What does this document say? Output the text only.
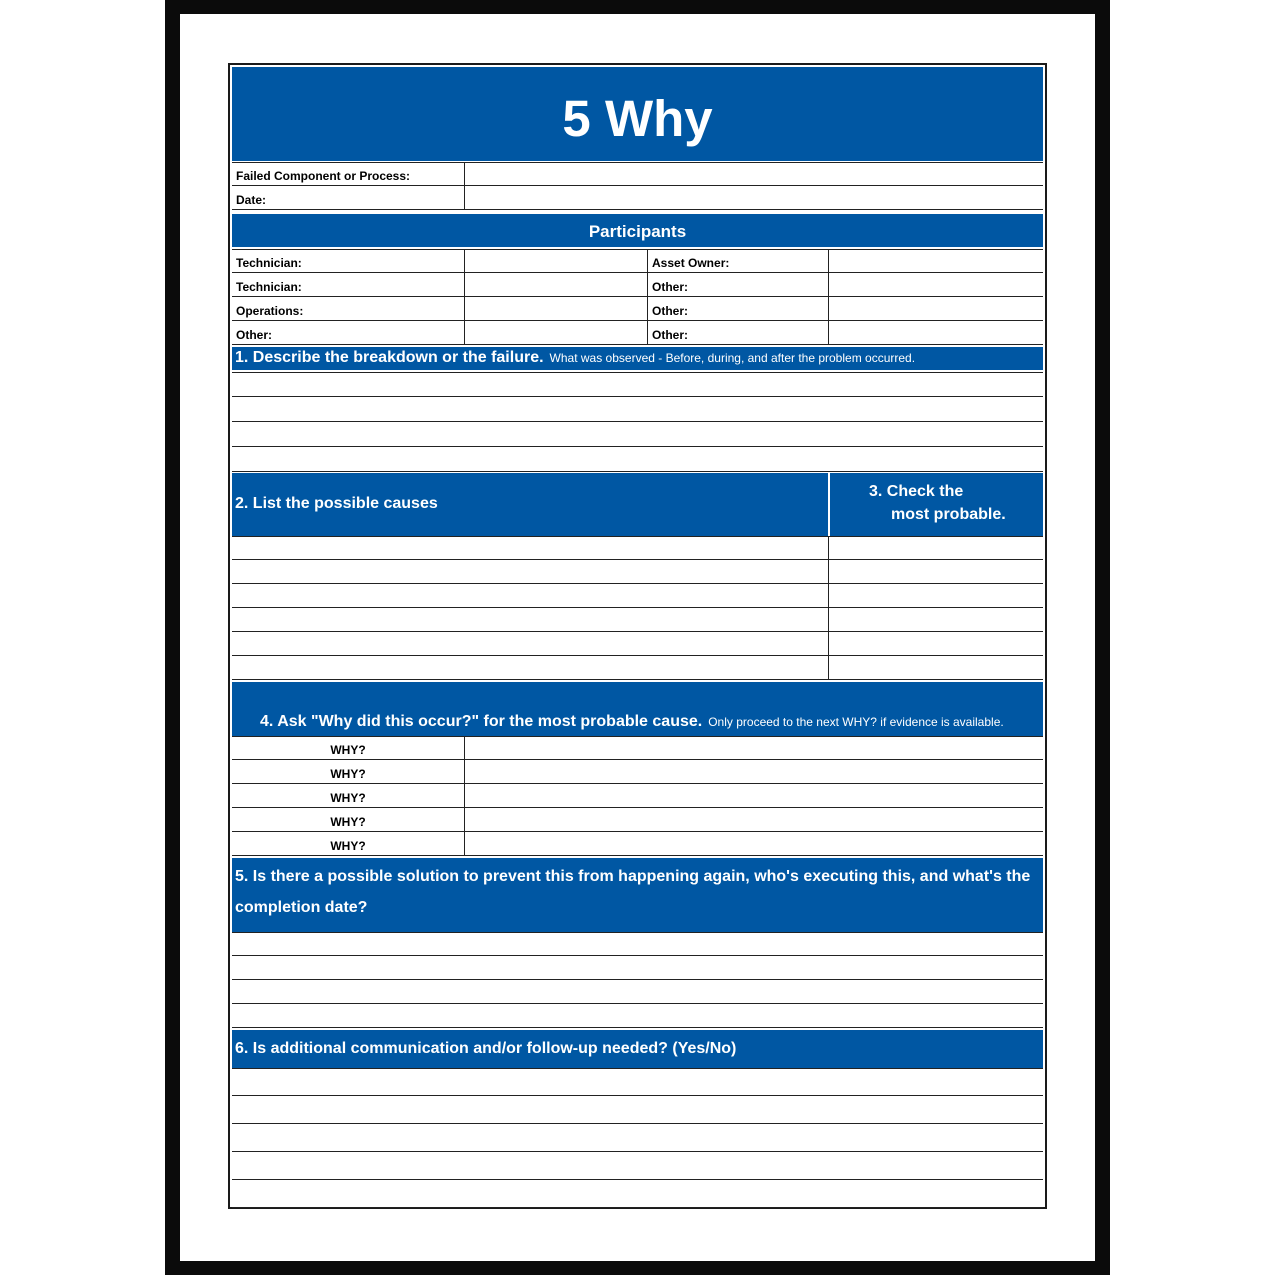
5 Why
Failed Component or Process:
Date:
Participants
Technician:	Asset Owner:
Technician:	Other:
Operations:	Other:
Other:	Other:
1. Describe the breakdown or the failure. What was observed - Before, during, and after the problem occurred.
2. List the possible causes
3. Check the
most probable.
4. Ask "Why did this occur?" for the most probable cause. Only proceed to the next WHY? if evidence is available.
WHY?
WHY?
WHY?
WHY?
WHY?
5. Is there a possible solution to prevent this from happening again, who's executing this, and what's the
completion date?
6. Is additional communication and/or follow-up needed? (Yes/No)
